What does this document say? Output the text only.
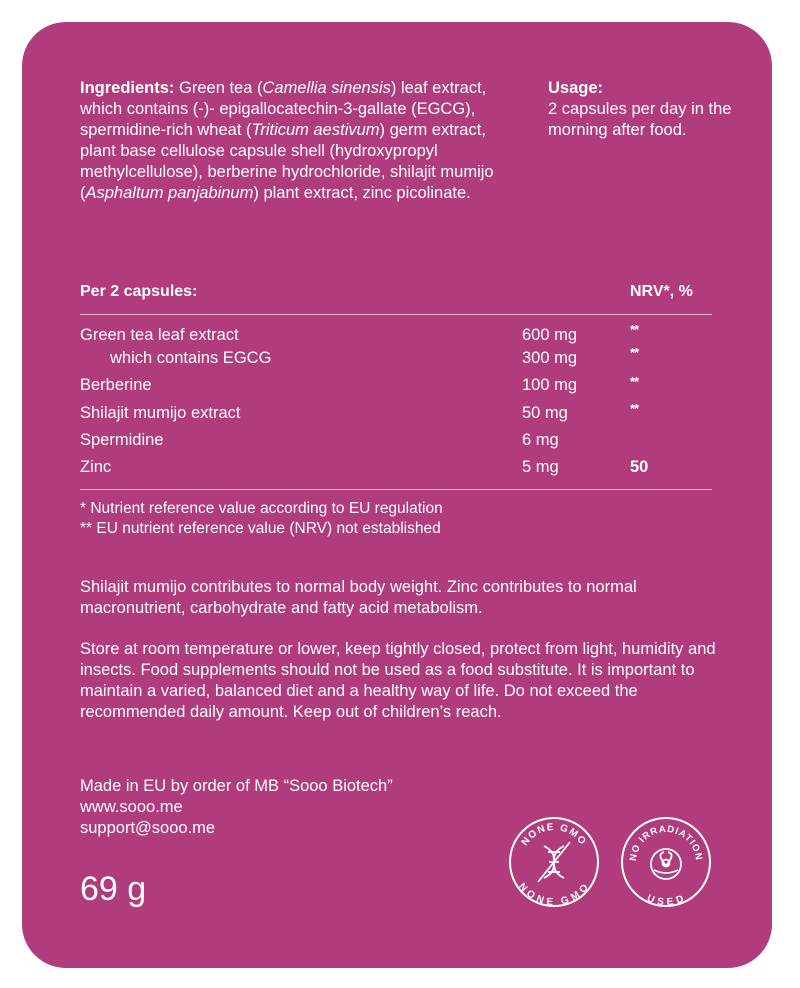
Ingredients: Green tea (Camellia sinensis) leaf extract, which contains (-)- epigallocatechin-3-gallate (EGCG), spermidine-rich wheat (Triticum aestivum) germ extract, plant base cellulose capsule shell (hydroxypropyl methylcellulose), berberine hydrochloride, shilajit mumijo (Asphaltum panjabinum) plant extract, zinc picolinate.
Usage:
2 capsules per day in the morning after food.
Per 2 capsules:	NRV*, %
Green tea leaf extract	600 mg	**
which contains EGCG	300 mg	**
Berberine	100 mg	**
Shilajit mumijo extract	50 mg	**
Spermidine	6 mg
Zinc	5 mg	50
* Nutrient reference value according to EU regulation
** EU nutrient reference value (NRV) not established
Shilajit mumijo contributes to normal body weight. Zinc contributes to normal macronutrient, carbohydrate and fatty acid metabolism.
Store at room temperature or lower, keep tightly closed, protect from light, humidity and insects. Food supplements should not be used as a food substitute. It is important to maintain a varied, balanced diet and a healthy way of life. Do not exceed the recommended daily amount. Keep out of children’s reach.
Made in EU by order of MB “Sooo Biotech”
www.sooo.me
support@sooo.me
69 g
NONE GMO
NONE GMO
NO IRRADIATION
USED
